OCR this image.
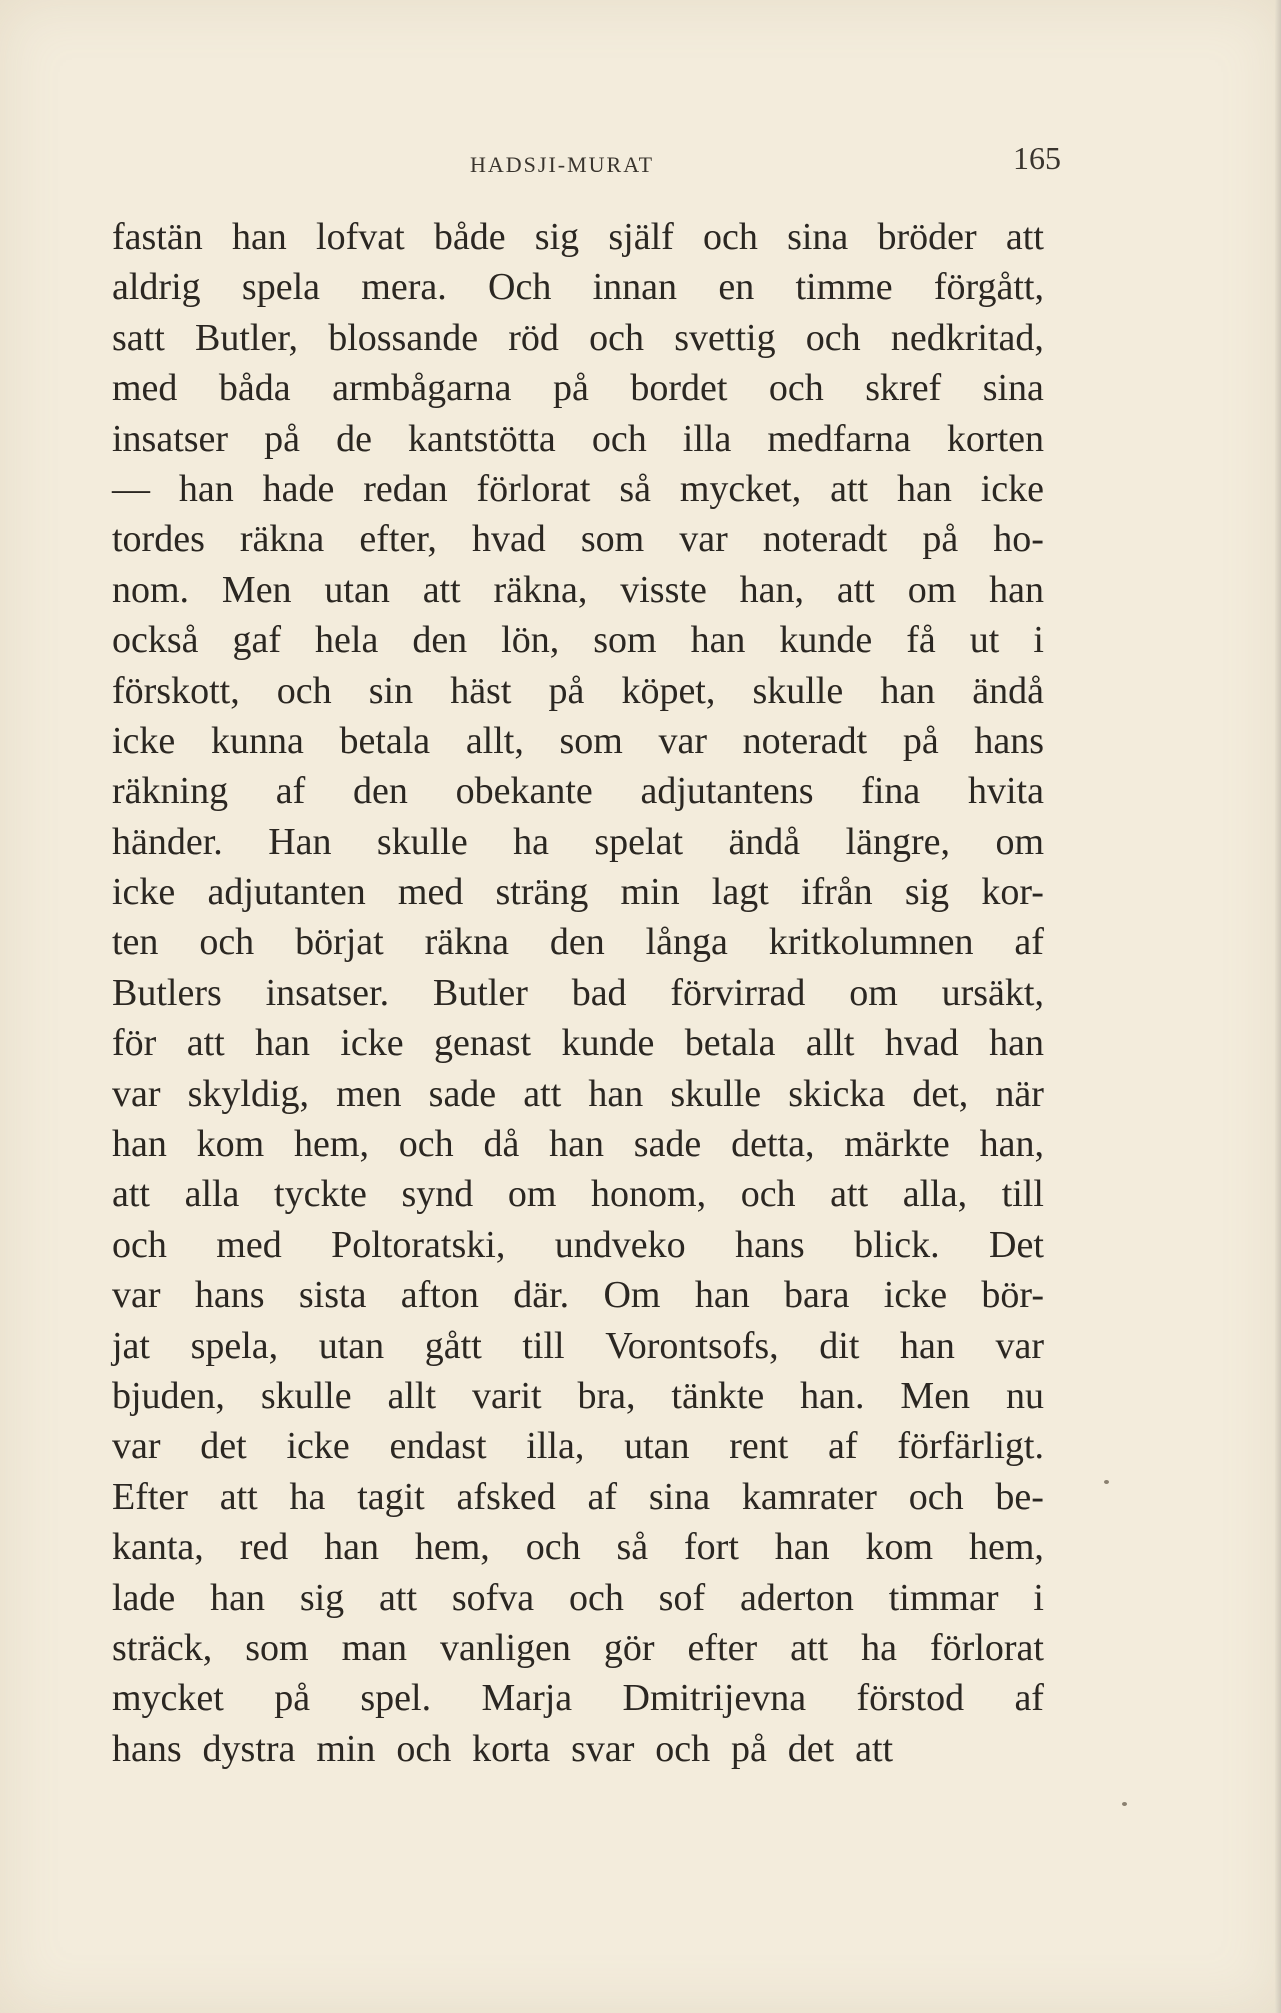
HADSJI-MURAT	165
fastän han lofvat både sig själf och sina bröder att
aldrig spela mera. Och innan en timme förgått,
satt Butler, blossande röd och svettig och nedkritad,
med båda armbågarna på bordet och skref sina
insatser på de kantstötta och illa medfarna korten
— han hade redan förlorat så mycket, att han icke
tordes räkna efter, hvad som var noteradt på ho-
nom. Men utan att räkna, visste han, att om han
också gaf hela den lön, som han kunde få ut i
förskott, och sin häst på köpet, skulle han ändå
icke kunna betala allt, som var noteradt på hans
räkning af den obekante adjutantens fina hvita
händer. Han skulle ha spelat ändå längre, om
icke adjutanten med sträng min lagt ifrån sig kor-
ten och börjat räkna den långa kritkolumnen af
Butlers insatser. Butler bad förvirrad om ursäkt,
för att han icke genast kunde betala allt hvad han
var skyldig, men sade att han skulle skicka det, när
han kom hem, och då han sade detta, märkte han,
att alla tyckte synd om honom, och att alla, till
och med Poltoratski, undveko hans blick. Det
var hans sista afton där. Om han bara icke bör-
jat spela, utan gått till Vorontsofs, dit han var
bjuden, skulle allt varit bra, tänkte han. Men nu
var det icke endast illa, utan rent af förfärligt.
Efter att ha tagit afsked af sina kamrater och be-
kanta, red han hem, och så fort han kom hem,
lade han sig att sofva och sof aderton timmar i
sträck, som man vanligen gör efter att ha förlorat
mycket på spel. Marja Dmitrijevna förstod af
hans dystra min och korta svar och på det att
